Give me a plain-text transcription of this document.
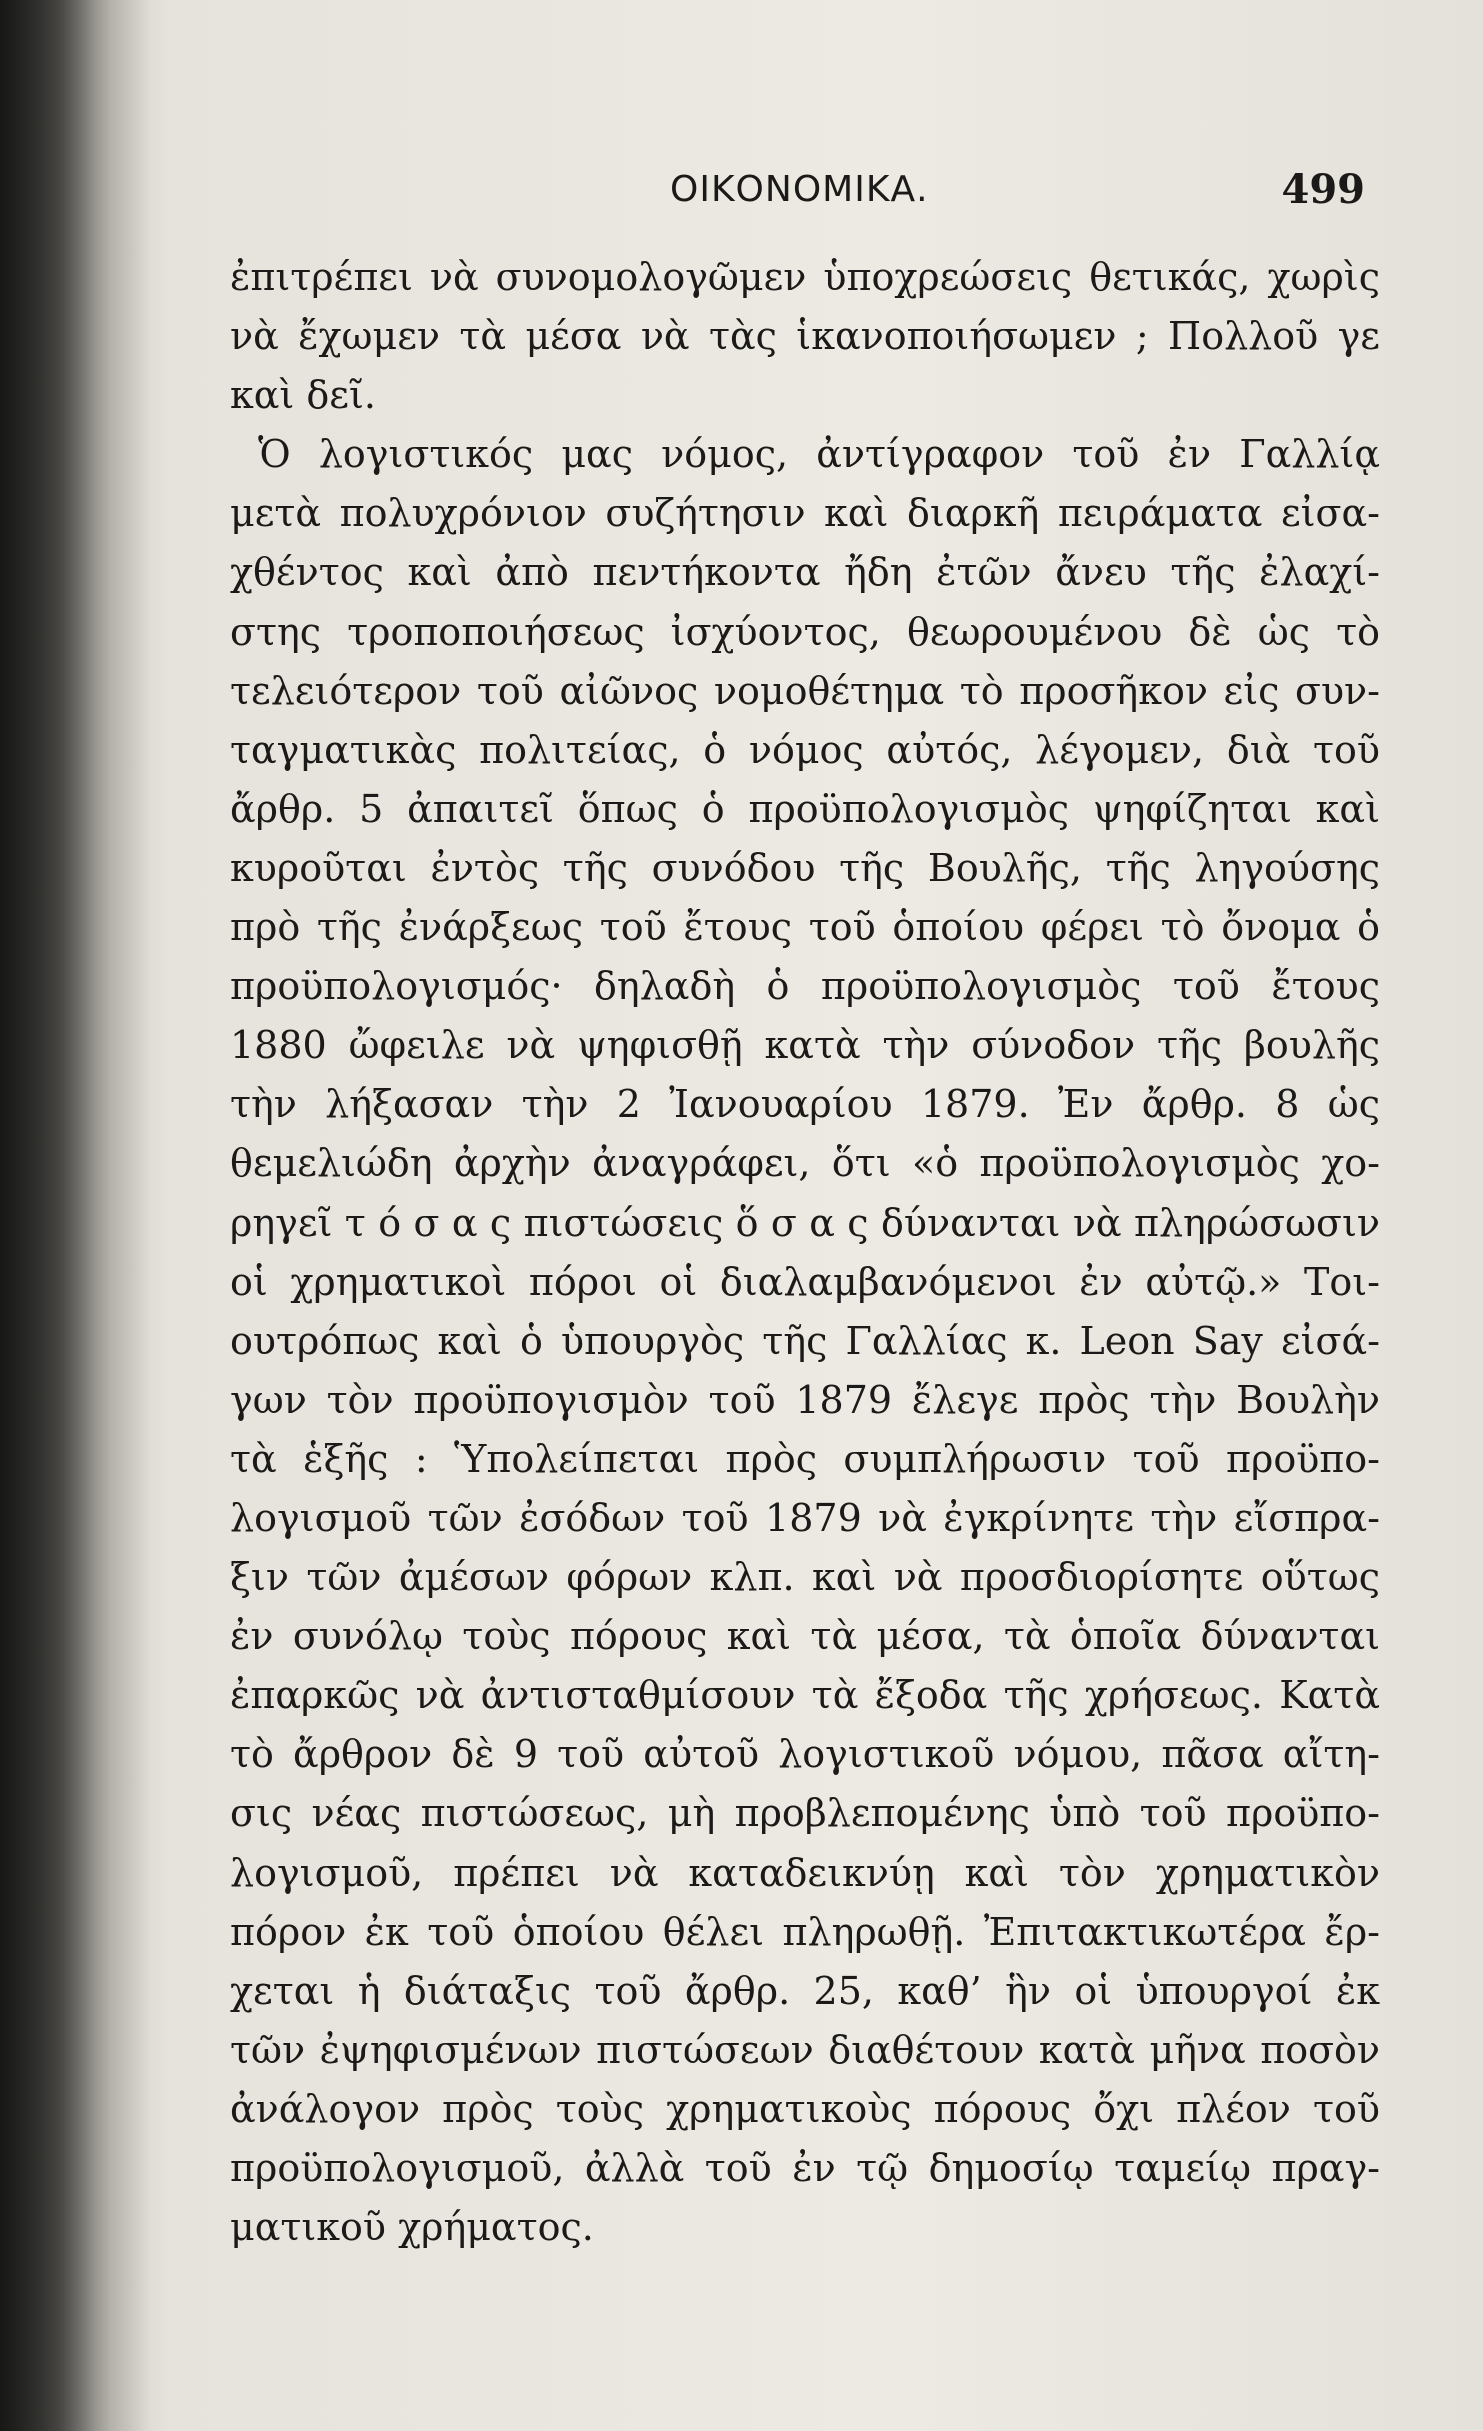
ΟΙΚΟΝΟΜΙΚΑ.	499
ἐπιτρέπει νὰ συνομολογῶμεν ὑποχρεώσεις θετικάς, χωρὶς
νὰ ἔχωμεν τὰ μέσα νὰ τὰς ἱκανοποιήσωμεν ; Πολλοῦ γε
καὶ δεῖ.
Ὁ λογιστικός μας νόμος, ἀντίγραφον τοῦ ἐν Γαλλίᾳ
μετὰ πολυχρόνιον συζήτησιν καὶ διαρκῆ πειράματα εἰσα-
χθέντος καὶ ἀπὸ πεντήκοντα ἤδη ἐτῶν ἄνευ τῆς ἐλαχί-
στης τροποποιήσεως ἰσχύοντος, θεωρουμένου δὲ ὡς τὸ
τελειότερον τοῦ αἰῶνος νομοθέτημα τὸ προσῆκον εἰς συν-
ταγματικὰς πολιτείας, ὁ νόμος αὐτός, λέγομεν, διὰ τοῦ
ἄρθρ. 5 ἀπαιτεῖ ὅπως ὁ προϋπολογισμὸς ψηφίζηται καὶ
κυροῦται ἐντὸς τῆς συνόδου τῆς Βουλῆς, τῆς ληγούσης
πρὸ τῆς ἐνάρξεως τοῦ ἔτους τοῦ ὁποίου φέρει τὸ ὄνομα ὁ
προϋπολογισμός· δηλαδὴ ὁ προϋπολογισμὸς τοῦ ἔτους
1880 ὤφειλε νὰ ψηφισθῇ κατὰ τὴν σύνοδον τῆς βουλῆς
τὴν λήξασαν τὴν 2 Ἰανουαρίου 1879. Ἐν ἄρθρ. 8 ὡς
θεμελιώδη ἀρχὴν ἀναγράφει, ὅτι «ὁ προϋπολογισμὸς χο-
ρηγεῖ τ ό σ α ς πιστώσεις ὅ σ α ς δύνανται νὰ πληρώσωσιν
οἱ χρηματικοὶ πόροι οἱ διαλαμβανόμενοι ἐν αὐτῷ.» Τοι-
ουτρόπως καὶ ὁ ὑπουργὸς τῆς Γαλλίας κ. Leon Say εἰσά-
γων τὸν προϋπογισμὸν τοῦ 1879 ἔλεγε πρὸς τὴν Βουλὴν
τὰ ἑξῆς : Ὑπολείπεται πρὸς συμπλήρωσιν τοῦ προϋπο-
λογισμοῦ τῶν ἐσόδων τοῦ 1879 νὰ ἐγκρίνητε τὴν εἴσπρα-
ξιν τῶν ἀμέσων φόρων κλπ. καὶ νὰ προσδιορίσητε οὕτως
ἐν συνόλῳ τοὺς πόρους καὶ τὰ μέσα, τὰ ὁποῖα δύνανται
ἐπαρκῶς νὰ ἀντισταθμίσουν τὰ ἔξοδα τῆς χρήσεως. Κατὰ
τὸ ἄρθρον δὲ 9 τοῦ αὐτοῦ λογιστικοῦ νόμου, πᾶσα αἴτη-
σις νέας πιστώσεως, μὴ προβλεπομένης ὑπὸ τοῦ προϋπο-
λογισμοῦ, πρέπει νὰ καταδεικνύῃ καὶ τὸν χρηματικὸν
πόρον ἐκ τοῦ ὁποίου θέλει πληρωθῇ. Ἐπιτακτικωτέρα ἔρ-
χεται ἡ διάταξις τοῦ ἄρθρ. 25, καθ’ ἣν οἱ ὑπουργοί ἐκ
τῶν ἐψηφισμένων πιστώσεων διαθέτουν κατὰ μῆνα ποσὸν
ἀνάλογον πρὸς τοὺς χρηματικοὺς πόρους ὄχι πλέον τοῦ
προϋπολογισμοῦ, ἀλλὰ τοῦ ἐν τῷ δημοσίῳ ταμείῳ πραγ-
ματικοῦ χρήματος.
